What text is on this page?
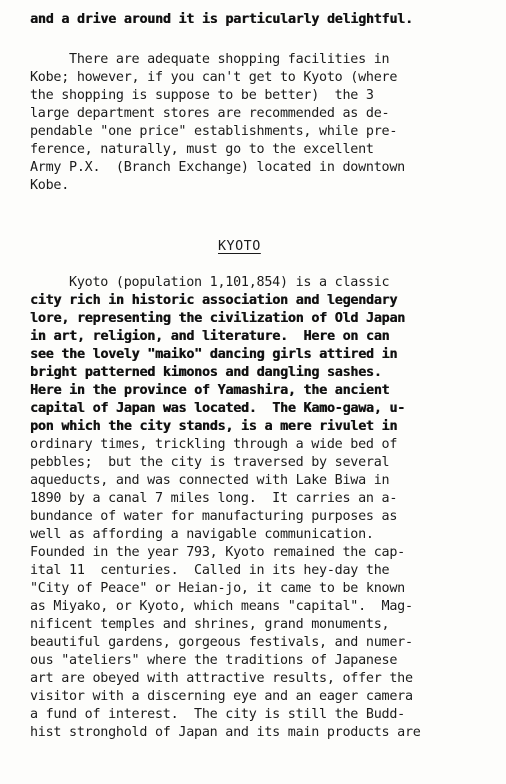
and a drive around it is particularly delightful.
There are adequate shopping facilities in
Kobe; however, if you can't get to Kyoto (where
the shopping is suppose to be better)  the 3
large department stores are recommended as de-
pendable "one price" establishments, while pre-
ference, naturally, must go to the excellent
Army P.X.  (Branch Exchange) located in downtown
Kobe.
KYOTO
Kyoto (population 1,101,854) is a classic
city rich in historic association and legendary
lore, representing the civilization of Old Japan
in art, religion, and literature.  Here on can
see the lovely "maiko" dancing girls attired in
bright patterned kimonos and dangling sashes.
Here in the province of Yamashira, the ancient
capital of Japan was located.  The Kamo-gawa, u-
pon which the city stands, is a mere rivulet in
ordinary times, trickling through a wide bed of
pebbles;  but the city is traversed by several
aqueducts, and was connected with Lake Biwa in
1890 by a canal 7 miles long.  It carries an a-
bundance of water for manufacturing purposes as
well as affording a navigable communication.
Founded in the year 793, Kyoto remained the cap-
ital 11  centuries.  Called in its hey-day the
"City of Peace" or Heian-jo, it came to be known
as Miyako, or Kyoto, which means "capital".  Mag-
nificent temples and shrines, grand monuments,
beautiful gardens, gorgeous festivals, and numer-
ous "ateliers" where the traditions of Japanese
art are obeyed with attractive results, offer the
visitor with a discerning eye and an eager camera
a fund of interest.  The city is still the Budd-
hist stronghold of Japan and its main products are
